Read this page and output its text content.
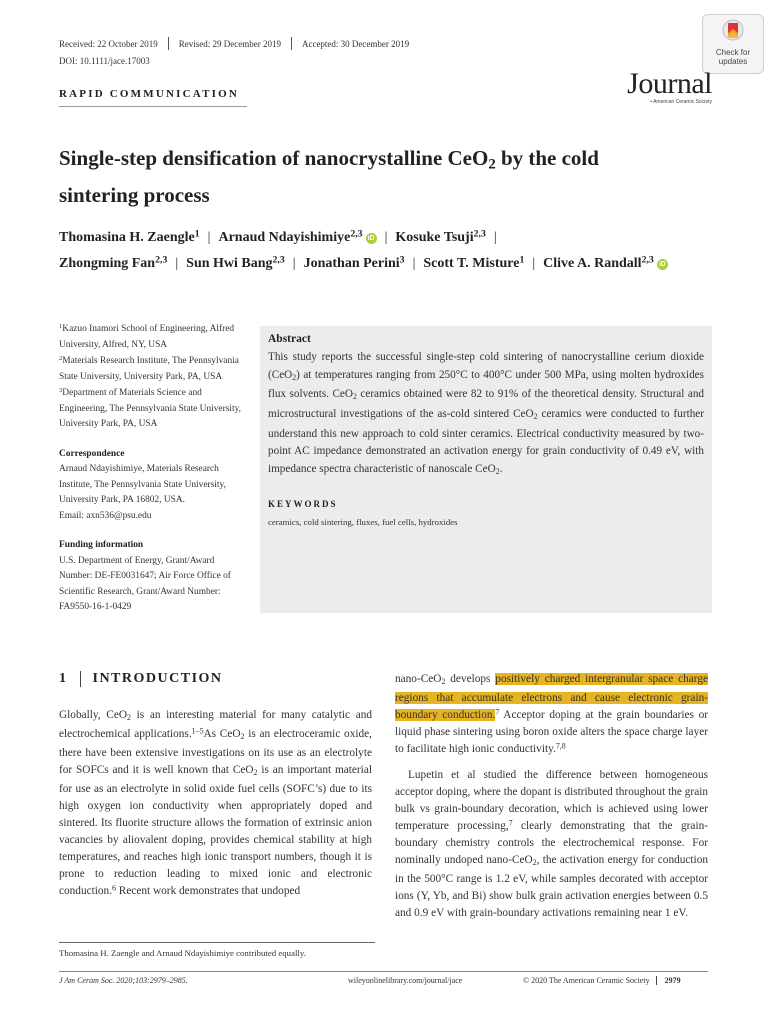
Received: 22 October 2019 Revised: 29 December 2019 Accepted: 30 December 2019
DOI: 10.1111/jace.17003
RAPID COMMUNICATION
Check for
updates
Journal
• American Ceramic Society
Single-step densification of nanocrystalline CeO$_2$ by the cold sintering process
Thomasina H. Zaengle$^1$ | Arnaud Ndayishimiye$^{2,3}$ iD | Kosuke Tsuji$^{2,3}$ |
Zhongming Fan$^{2,3}$ | Sun Hwi Bang$^{2,3}$ | Jonathan Perini$^3$ | Scott T. Misture$^1$ | Clive A. Randall$^{2,3}$ iD
$^1$Kazuo Inamori School of Engineering, Alfred University, Alfred, NY, USA
$^2$Materials Research Institute, The Pennsylvania State University, University Park, PA, USA
$^3$Department of Materials Science and Engineering, The Pennsylvania State University, University Park, PA, USA
Correspondence
Arnaud Ndayishimiye, Materials Research Institute, The Pennsylvania State University, University Park, PA 16802, USA.
Email: axn536@psu.edu
Funding information
U.S. Department of Energy, Grant/Award Number: DE-FE0031647; Air Force Office of Scientific Research, Grant/Award Number: FA9550-16-1-0429
Abstract
This study reports the successful single-step cold sintering of nanocrystalline cerium dioxide (CeO$_2$) at temperatures ranging from 250°C to 400°C under 500 MPa, using molten hydroxides flux solvents. CeO$_2$ ceramics obtained were 82 to 91% of the theoretical density. Structural and microstructural investigations of the as-cold sintered CeO$_2$ ceramics were conducted to further understand this new approach to cold sinter ceramics. Electrical conductivity measured by two-point AC impedance demonstrated an activation energy for grain conductivity of 0.49 eV, with impedance spectra characteristic of nanoscale CeO$_2$.
KEYWORDS
ceramics, cold sintering, fluxes, fuel cells, hydroxides
1 INTRODUCTION

Globally, CeO$_2$ is an interesting material for many catalytic and electrochemical applications.$^{1-5}$As CeO$_2$ is an electroceramic oxide, there have been extensive investigations on its use as an electrolyte for SOFCs and it is well known that CeO$_2$ is an important material for use as an electrolyte in solid oxide fuel cells (SOFC’s) due to its high oxygen ion conductivity when appropriately doped and sintered. Its fluorite structure allows the formation of extrinsic anion vacancies by aliovalent doping, provides chemical stability at high temperatures, and reaches high ionic transport numbers, though it is prone to reduction leading to mixed ionic and electronic conduction.$^6$ Recent work demonstrates that undoped

nano-CeO$_2$ develops positively charged intergranular space charge regions that accumulate electrons and cause electronic grain-boundary conduction.$^7$ Acceptor doping at the grain boundaries or liquid phase sintering using boron oxide alters the space charge layer to facilitate high ionic conductivity.$^{7,8}$

Lupetin et al studied the difference between homogeneous acceptor doping, where the dopant is distributed throughout the grain bulk vs grain-boundary decoration, which is achieved using lower temperature processing,$^7$ clearly demonstrating that the grain-boundary chemistry controls the electrochemical response. For nominally undoped nano-CeO$_2$, the activation energy for conduction in the 500°C range is 1.2 eV, while samples decorated with acceptor ions (Y, Yb, and Bi) show bulk grain activation energies between 0.5 and 0.9 eV with grain-boundary activations remaining near 1 eV.

Thomasina H. Zaengle and Arnaud Ndayishimiye contributed equally.
J Am Ceram Soc. 2020;103:2979–2985.	wileyonlinelibrary.com/journal/jace	© 2020 The American Ceramic Society 2979
